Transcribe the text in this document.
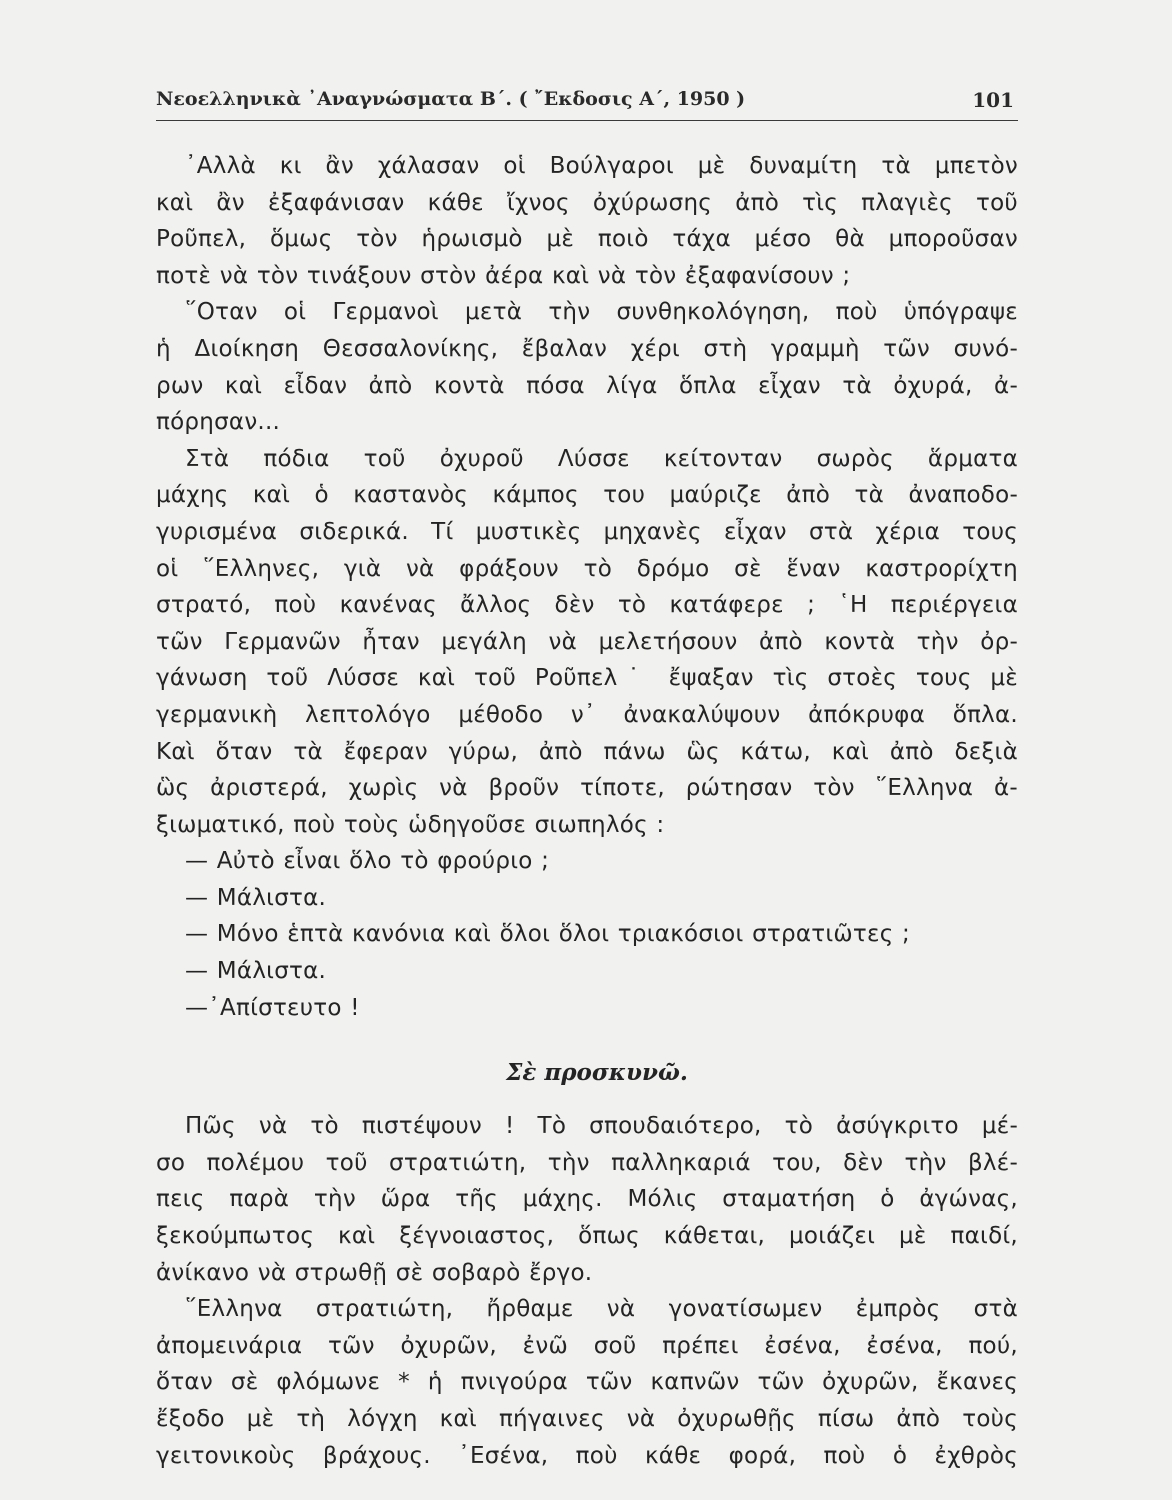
Νεοελληνικὰ ᾿Αναγνώσματα Β΄. ( ῎Εκδοσις Α΄, 1950 )	101
᾿Αλλὰ κι ἂν χάλασαν οἱ Βούλγαροι μὲ δυναμίτη τὰ μπετὸν
καὶ ἂν ἐξαφάνισαν κάθε ἴχνος ὀχύρωσης ἀπὸ τὶς πλαγιὲς τοῦ
Ροῦπελ, ὅμως τὸν ἡρωισμὸ μὲ ποιὸ τάχα μέσο θὰ μποροῦσαν
ποτὲ νὰ τὸν τινάξουν στὸν ἀέρα καὶ νὰ τὸν ἐξαφανίσουν ;
῞Οταν οἱ Γερμανοὶ μετὰ τὴν συνθηκολόγηση, ποὺ ὑπόγραψε
ἡ Διοίκηση Θεσσαλονίκης, ἔβαλαν χέρι στὴ γραμμὴ τῶν συνό-
ρων καὶ εἶδαν ἀπὸ κοντὰ πόσα λίγα ὅπλα εἶχαν τὰ ὀχυρά, ἀ-
πόρησαν...
Στὰ πόδια τοῦ ὀχυροῦ Λύσσε κείτονταν σωρὸς ἅρματα
μάχης καὶ ὁ καστανὸς κάμπος του μαύριζε ἀπὸ τὰ ἀναποδο-
γυρισμένα σιδερικά. Τί μυστικὲς μηχανὲς εἶχαν στὰ χέρια τους
οἱ ῞Ελληνες, γιὰ νὰ φράξουν τὸ δρόμο σὲ ἕναν καστρορίχτη
στρατό, ποὺ κανένας ἄλλος δὲν τὸ κατάφερε ; ῾Η περιέργεια
τῶν Γερμανῶν ἦταν μεγάλη νὰ μελετήσουν ἀπὸ κοντὰ τὴν ὀρ-
γάνωση τοῦ Λύσσε καὶ τοῦ Ροῦπελ˙ ἔψαξαν τὶς στοὲς τους μὲ
γερμανικὴ λεπτολόγο μέθοδο ν᾿ ἀνακαλύψουν ἀπόκρυφα ὅπλα.
Καὶ ὅταν τὰ ἔφεραν γύρω, ἀπὸ πάνω ὣς κάτω, καὶ ἀπὸ δεξιὰ
ὣς ἀριστερά, χωρὶς νὰ βροῦν τίποτε, ρώτησαν τὸν ῞Ελληνα ἀ-
ξιωματικό, ποὺ τοὺς ὡδηγοῦσε σιωπηλός :
— Αὐτὸ εἶναι ὅλο τὸ φρούριο ;
— Μάλιστα.
— Μόνο ἑπτὰ κανόνια καὶ ὅλοι ὅλοι τριακόσιοι στρατιῶτες ;
— Μάλιστα.
—᾿Απίστευτο !
Σὲ προσκυνῶ.
Πῶς νὰ τὸ πιστέψουν ! Τὸ σπουδαιότερο, τὸ ἀσύγκριτο μέ-
σο πολέμου τοῦ στρατιώτη, τὴν παλληκαριά του, δὲν τὴν βλέ-
πεις παρὰ τὴν ὥρα τῆς μάχης. Μόλις σταματήση ὁ ἀγώνας,
ξεκούμπωτος καὶ ξέγνοιαστος, ὅπως κάθεται, μοιάζει μὲ παιδί,
ἀνίκανο νὰ στρωθῇ σὲ σοβαρὸ ἔργο.
῞Ελληνα στρατιώτη, ἤρθαμε νὰ γονατίσωμεν ἐμπρὸς στὰ
ἀπομεινάρια τῶν ὀχυρῶν, ἐνῶ σοῦ πρέπει ἐσένα, ἐσένα, πού,
ὅταν σὲ φλόμωνε * ἡ πνιγούρα τῶν καπνῶν τῶν ὀχυρῶν, ἔκανες
ἔξοδο μὲ τὴ λόγχη καὶ πήγαινες νὰ ὀχυρωθῇς πίσω ἀπὸ τοὺς
γειτονικοὺς βράχους. ᾿Εσένα, ποὺ κάθε φορά, ποὺ ὁ ἐχθρὸς
